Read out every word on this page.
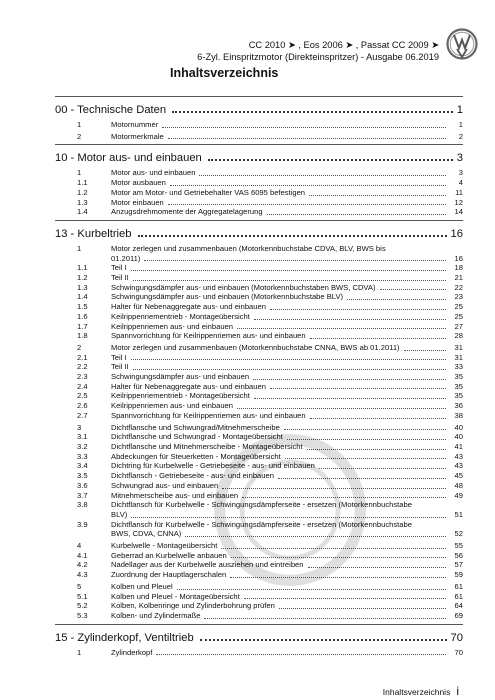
CC 2010 ➤ , Eos 2006 ➤ , Passat CC 2009 ➤
6-Zyl. Einspritzmotor (Direkteinspritzer) - Ausgabe 06.2019
Inhaltsverzeichnis
00 - Technische Daten	1
1	Motornummer	1
2	Motormerkmale	2
10 - Motor aus- und einbauen	3
1	Motor aus- und einbauen	3
1.1	Motor ausbauen	4
1.2	Motor am Motor- und Getriebehalter VAS 6095 befestigen	11
1.3	Motor einbauen	12
1.4	Anzugsdrehmomente der Aggregatelagerung	14
13 - Kurbeltrieb	16
1	Motor zerlegen und zusammenbauen (Motorkennbuchstabe CDVA, BLV, BWS bis
01.2011)	16
1.1	Teil I	18
1.2	Teil II	21
1.3	Schwingungsdämpfer aus- und einbauen (Motorkennbuchstaben BWS, CDVA)	22
1.4	Schwingungsdämpfer aus- und einbauen (Motorkennbuchstabe BLV)	23
1.5	Halter für Nebenaggregate aus- und einbauen	25
1.6	Keilrippenriementrieb - Montageübersicht	25
1.7	Keilrippenriemen aus- und einbauen	27
1.8	Spannvorrichtung für Keilrippenriemen aus- und einbauen	28
2	Motor zerlegen und zusammenbauen (Motorkennbuchstabe CNNA, BWS ab 01.2011)	31
2.1	Teil I	31
2.2	Teil II	33
2.3	Schwingungsdämpfer aus- und einbauen	35
2.4	Halter für Nebenaggregate aus- und einbauen	35
2.5	Keilrippenriementrieb - Montageübersicht	35
2.6	Keilrippenriemen aus- und einbauen	36
2.7	Spannvorrichtung für Keilrippenriemen aus- und einbauen	38
3	Dichtflansche und Schwungrad/Mitnehmerscheibe	40
3.1	Dichtflansche und Schwungrad - Montageübersicht	40
3.2	Dichtflansche und Mitnehmerscheibe - Montageübersicht	41
3.3	Abdeckungen für Steuerketten - Montageübersicht	43
3.4	Dichtring für Kurbelwelle - Getriebeseite - aus- und einbauen	43
3.5	Dichtflansch - Getriebeseite - aus- und einbauen	45
3.6	Schwungrad aus- und einbauen	48
3.7	Mitnehmerscheibe aus- und einbauen	49
3.8	Dichtflansch für Kurbelwelle - Schwingungsdämpferseite - ersetzen (Motorkennbuchstabe
BLV)	51
3.9	Dichtflansch für Kurbelwelle - Schwingungsdämpferseite - ersetzen (Motorkennbuchstabe
BWS, CDVA, CNNA)	52
4	Kurbelwelle - Montageübersicht	55
4.1	Geberrad an Kurbelwelle anbauen	56
4.2	Nadellager aus der Kurbelwelle ausziehen und eintreiben	57
4.3	Zuordnung der Hauptlagerschalen	59
5	Kolben und Pleuel	61
5.1	Kolben und Pleuel - Montageübersicht	61
5.2	Kolben, Kolbenringe und Zylinderbohrung prüfen	64
5.3	Kolben- und Zylindermaße	69
15 - Zylinderkopf, Ventiltrieb	70
1	Zylinderkopf	70
Inhaltsverzeichnis i
